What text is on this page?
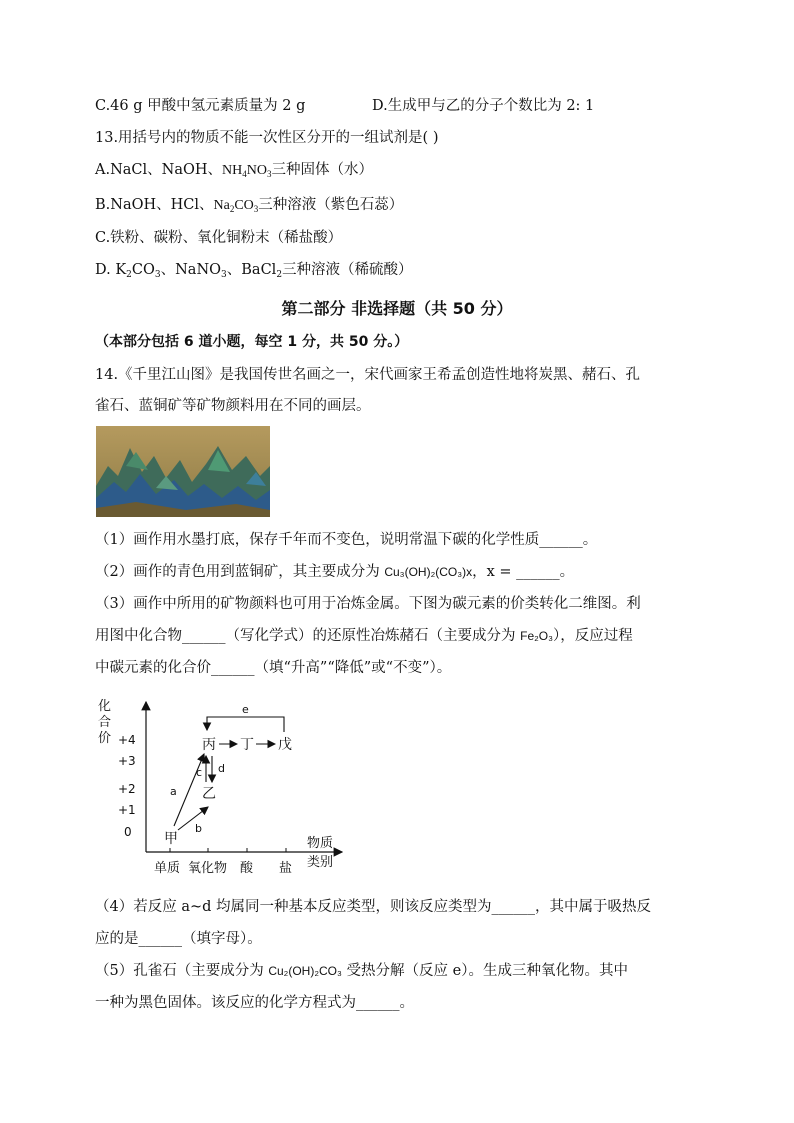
C.46 g 甲酸中氢元素质量为 2 g	D.生成甲与乙的分子个数比为 2: 1
13.用括号内的物质不能一次性区分开的一组试剂是( )
A.NaCl、NaOH、$NH_4NO_3$三种固体（水）
B.NaOH、HCl、$Na_2CO_3$三种溶液（紫色石蕊）
C.铁粉、碳粉、氧化铜粉末（稀盐酸）
D. $K_2CO_3$、NaNO$_3$、BaCl$_2$三种溶液（稀硫酸）
第二部分 非选择题（共 50 分）
（本部分包括 6 道小题，每空 1 分，共 50 分。）
14.《千里江山图》是我国传世名画之一，宋代画家王希孟创造性地将炭黑、赭石、孔
雀石、蓝铜矿等矿物颜料用在不同的画层。
（1）画作用水墨打底，保存千年而不变色，说明常温下碳的化学性质______。
（2）画作的青色用到蓝铜矿，其主要成分为 Cu₃(OH)₂(CO₃)x，x = ______。
（3）画作中所用的矿物颜料也可用于冶炼金属。下图为碳元素的价类转化二维图。利
用图中化合物______（写化学式）的还原性冶炼赭石（主要成分为 Fe₂O₃），反应过程
中碳元素的化合价______（填“升高”“降低”或“不变”）。
化
合
价 +4
+3
+2
+1
0
单质 氧化物 酸 盐
物质
类别
甲
乙
丙 丁 戊
a
b
c d
e
（4）若反应 a~d 均属同一种基本反应类型，则该反应类型为______，其中属于吸热反
应的是______（填字母）。
（5）孔雀石（主要成分为 Cu₂(OH)₂CO₃ 受热分解（反应 e）。生成三种氧化物。其中
一种为黑色固体。该反应的化学方程式为______。
